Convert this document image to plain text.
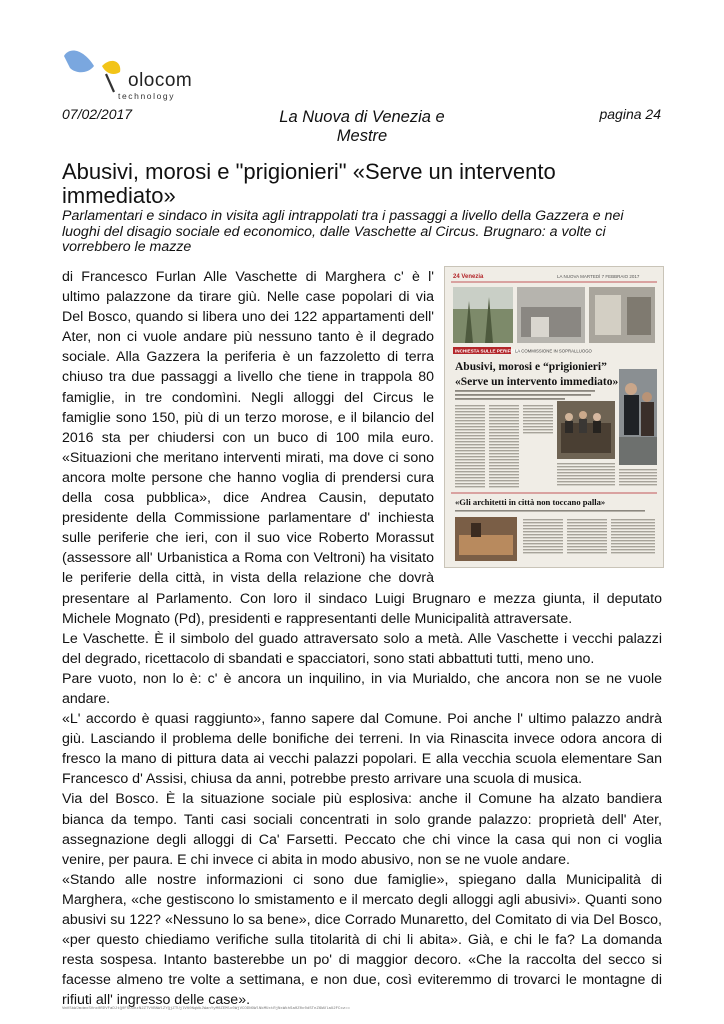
olocom
technology
07/02/2017	La Nuova di Venezia e Mestre
pagina 24
Abusivi, morosi e "prigionieri" «Serve un intervento immediato»

Parlamentari e sindaco in visita agli intrappolati tra i passaggi a livello della Gazzera e nei luoghi del disagio sociale ed economico, dalle Vaschette al Circus. Brugnaro: a volte ci vorrebbero le mazze

24 Venezia	LA NUOVA MARTEDÌ 7 FEBBRAIO 2017
INCHIESTA SULLE PERIFERIE
LA COMMISSIONE IN SOPRALLUOGO
Abusivi, morosi e “prigionieri”
«Serve un intervento immediato»
«Gli architetti in città non toccano palla»

di Francesco Furlan Alle Vaschette di Marghera c' è l' ultimo palazzone da tirare giù. Nelle case popolari di via Del Bosco, quando si libera uno dei 122 appartamenti dell' Ater, non ci vuole andare più nessuno tanto è il degrado sociale. Alla Gazzera la periferia è un fazzoletto di terra chiuso tra due passaggi a livello che tiene in trappola 80 famiglie, in tre condomìni. Negli alloggi del Circus le famiglie sono 150, più di un terzo morose, e il bilancio del 2016 sta per chiudersi con un buco di 100 mila euro. «Situazioni che meritano interventi mirati, ma dove ci sono ancora molte persone che hanno voglia di prendersi cura della cosa pubblica», dice Andrea Causin, deputato presidente della Commissione parlamentare d' inchiesta sulle periferie che ieri, con il suo vice Roberto Morassut (assessore all' Urbanistica a Roma con Veltroni) ha visitato le periferie della città, in vista della relazione che dovrà presentare al Parlamento. Con loro il sindaco Luigi Brugnaro e mezza giunta, il deputato Michele Mognato (Pd), presidenti e rappresentanti delle Municipalità attraversate.

Le Vaschette. È il simbolo del guado attraversato solo a metà. Alle Vaschette i vecchi palazzi del degrado, ricettacolo di sbandati e spacciatori, sono stati abbattuti tutti, meno uno.

Pare vuoto, non lo è: c' è ancora un inquilino, in via Murialdo, che ancora non se ne vuole andare.

«L' accordo è quasi raggiunto», fanno sapere dal Comune. Poi anche l' ultimo palazzo andrà giù. Lasciando il problema delle bonifiche dei terreni. In via Rinascita invece odora ancora di fresco la mano di pittura data ai vecchi palazzi popolari. E alla vecchia scuola elementare San Francesco d' Assisi, chiusa da anni, potrebbe presto arrivare una scuola di musica.

Via del Bosco. È la situazione sociale più esplosiva: anche il Comune ha alzato bandiera bianca da tempo. Tanti casi sociali concentrati in solo grande palazzo: proprietà dell' Ater, assegnazione degli alloggi di Ca' Farsetti. Peccato che chi vince la casa qui non ci voglia venire, per paura. E chi invece ci abita in modo abusivo, non se ne vuole andare.

«Stando alle nostre informazioni ci sono due famiglie», spiegano dalla Municipalità di Marghera, «che gestiscono lo smistamento e il mercato degli alloggi agli abusivi». Quanti sono abusivi su 122? «Nessuno lo sa bene», dice Corrado Munaretto, del Comitato di via Del Bosco, «per questo chiediamo verifiche sulla titolarità di chi li abita». Già, e chi le fa? La domanda resta sospesa. Intanto basterebbe un po' di maggior decoro. «Che la raccolta del secco si facesse almeno tre volte a settimana, e non due, così eviteremmo di trovarci le montagne di rifiuti all' ingresso delle case».

VmVSbWJmdmxSVnc0RDVFaDJtQ0FSOUhzN2ZTVVBNWlZYQjZTUjlVU0NqWkJWanYyM0ZEMlc0WjVCODNOWlNkMUxtRjNxWkhSa0Z0c0dSTnZ6WUlaU2FCcz==
